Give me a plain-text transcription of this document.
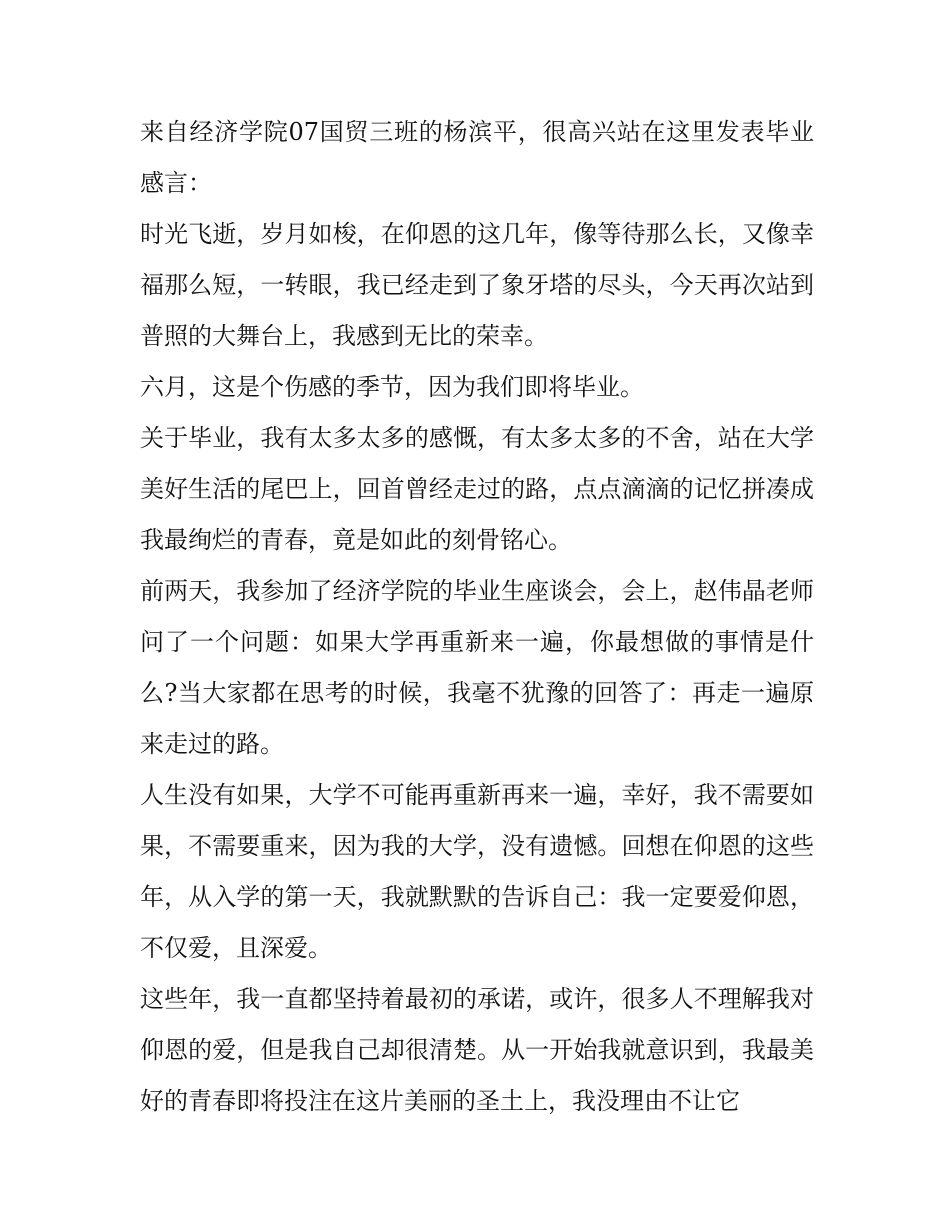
来自经济学院07国贸三班的杨滨平，很高兴站在这里发表毕业感言：

时光飞逝，岁月如梭，在仰恩的这几年，像等待那么长，又像幸福那么短，一转眼，我已经走到了象牙塔的尽头，今天再次站到普照的大舞台上，我感到无比的荣幸。

六月，这是个伤感的季节，因为我们即将毕业。

关于毕业，我有太多太多的感慨，有太多太多的不舍，站在大学美好生活的尾巴上，回首曾经走过的路，点点滴滴的记忆拼凑成我最绚烂的青春，竟是如此的刻骨铭心。

前两天，我参加了经济学院的毕业生座谈会，会上，赵伟晶老师问了一个问题：如果大学再重新来一遍，你最想做的事情是什么?当大家都在思考的时候，我毫不犹豫的回答了：再走一遍原来走过的路。

人生没有如果，大学不可能再重新再来一遍，幸好，我不需要如果，不需要重来，因为我的大学，没有遗憾。回想在仰恩的这些年，从入学的第一天，我就默默的告诉自己：我一定要爱仰恩，不仅爱，且深爱。

这些年，我一直都坚持着最初的承诺，或许，很多人不理解我对仰恩的爱，但是我自己却很清楚。从一开始我就意识到，我最美好的青春即将投注在这片美丽的圣土上，我没理由不让它
